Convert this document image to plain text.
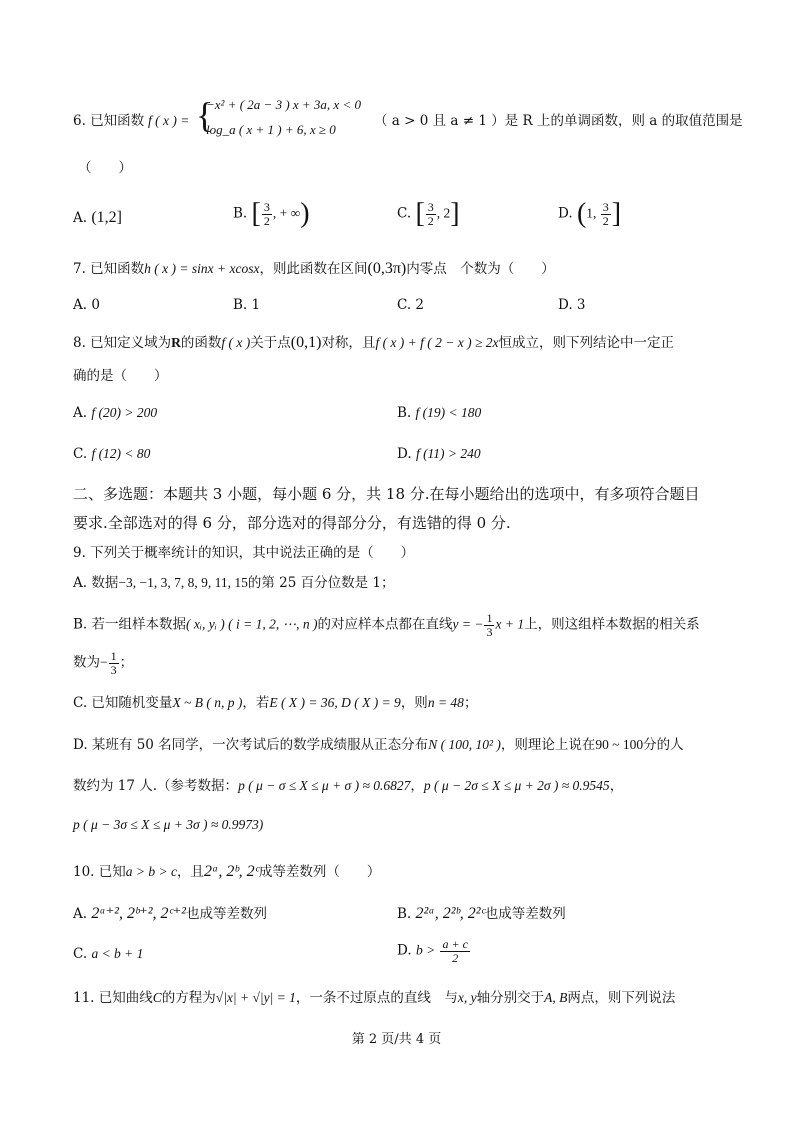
6. 已知函数 f ( x ) = {
−x² + ( 2a − 3 ) x + 3a, x < 0
log_a ( x + 1 ) + 6, x ≥ 0
（ a > 0 且 a ≠ 1 ）是 R 上的单调函数，则 a 的取值范围是
（　　）
A. (1,2]	B. [ $\frac{3}{2}$ , + ∞)	C. [ $\frac{3}{2}$ , 2]	D. (1, $\frac{3}{2}$ ]
7. 已知函数h ( x ) = sinx + xcosx，则此函数在区间(0,3π)内零点　个数为（　　）
A. 0	B. 1	C. 2	D. 3
8. 已知定义域为R的函数f ( x )关于点(0,1)对称，且f ( x ) + f ( 2 − x ) ≥ 2x恒成立，则下列结论中一定正
确的是（　　）
A. f (20) > 200	B. f (19) < 180
C. f (12) < 80	D. f (11) > 240
二、多选题：本题共 3 小题，每小题 6 分，共 18 分.在每小题给出的选项中，有多项符合题目
要求.全部选对的得 6 分，部分选对的得部分分，有选错的得 0 分.
9. 下列关于概率统计的知识，其中说法正确的是（　　）
A. 数据−3, −1, 3, 7, 8, 9, 11, 15的第 25 百分位数是 1；
B. 若一组样本数据( xᵢ, yᵢ ) ( i = 1, 2, ⋯, n )的对应样本点都在直线y = − $\frac{1}{3}$ x + 1上，则这组样本数据的相关系
数为− $\frac{1}{3}$ ；
C. 已知随机变量X ~ B ( n, p )，若E ( X ) = 36, D ( X ) = 9，则n = 48；
D. 某班有 50 名同学，一次考试后的数学成绩服从正态分布N ( 100, 10² )，则理论上说在90 ~ 100分的人
数约为 17 人.（参考数据：p ( μ − σ ≤ X ≤ μ + σ ) ≈ 0.6827，p ( μ − 2σ ≤ X ≤ μ + 2σ ) ≈ 0.9545，
p ( μ − 3σ ≤ X ≤ μ + 3σ ) ≈ 0.9973)
10. 已知a > b > c，且2ᵃ, 2ᵇ, 2ᶜ成等差数列（　　）
A. 2ᵃ⁺², 2ᵇ⁺², 2ᶜ⁺²也成等差数列	B. 2²ᵃ, 2²ᵇ, 2²ᶜ也成等差数列
C. a < b + 1	D. $b > \frac{a + c}{2}$
11. 已知曲线C的方程为√|x| + √|y| = 1，一条不过原点的直线　与x, y轴分别交于A, B两点，则下列说法
第 2 页/共 4 页
